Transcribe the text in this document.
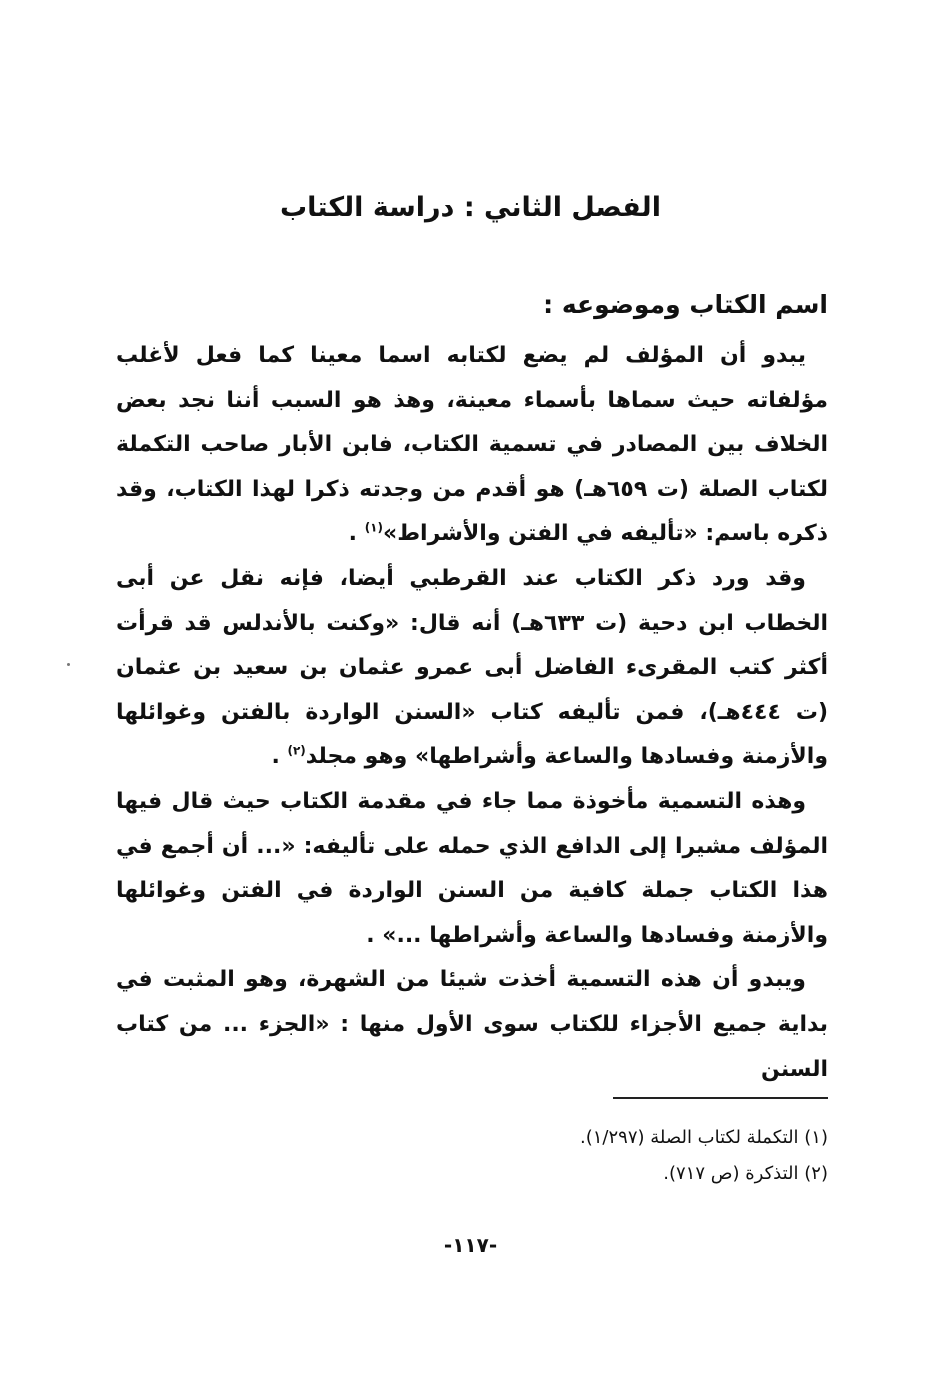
الفصل الثاني : دراسة الكتاب
اسم الكتاب وموضوعه :

يبدو أن المؤلف لم يضع لكتابه اسما معينا كما فعل لأغلب مؤلفاته حيث سماها بأسماء معينة، وهذ هو السبب أننا نجد بعض الخلاف بين المصادر في تسمية الكتاب، فابن الأبار صاحب التكملة لكتاب الصلة (ت ٦٥٩هـ) هو أقدم من وجدته ذكرا لهذا الكتاب، وقد ذكره باسم: «تأليفه في الفتن والأشراط»$^{(١)}$ .

وقد ورد ذكر الكتاب عند القرطبي أيضا، فإنه نقل عن أبى الخطاب ابن دحية (ت ٦٣٣هـ) أنه قال: «وكنت بالأندلس قد قرأت أكثر كتب المقرىء الفاضل أبى عمرو عثمان بن سعيد بن عثمان (ت ٤٤٤هـ)، فمن تأليفه كتاب «السنن الواردة بالفتن وغوائلها والأزمنة وفسادها والساعة وأشراطها» وهو مجلد$^{(٢)}$ .

وهذه التسمية مأخوذة مما جاء في مقدمة الكتاب حيث قال فيها المؤلف مشيرا إلى الدافع الذي حمله على تأليفه: «... أن أجمع في هذا الكتاب جملة كافية من السنن الواردة في الفتن وغوائلها والأزمنة وفسادها والساعة وأشراطها ...» .

ويبدو أن هذه التسمية أخذت شيئا من الشهرة، وهو المثبت في بداية جميع الأجزاء للكتاب سوى الأول منها : «الجزء ... من كتاب السنن

(١) التكملة لكتاب الصلة (١/٢٩٧).

(٢) التذكرة (ص ٧١٧).

-١١٧-
